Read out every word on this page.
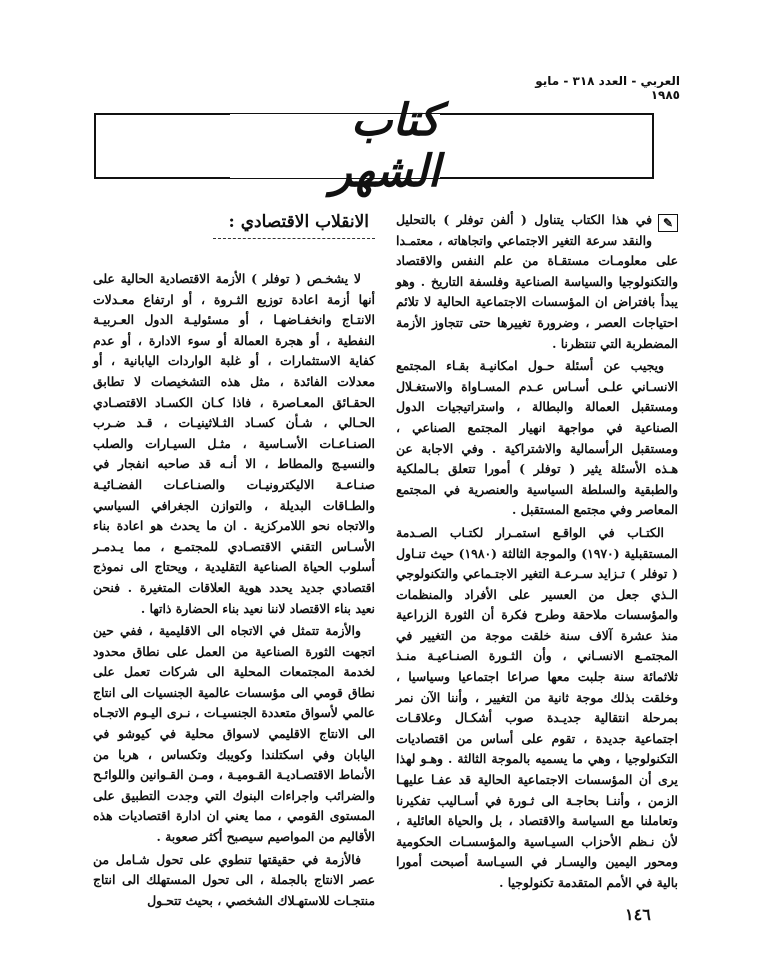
العربي - العدد ٣١٨ - مايو ١٩٨٥
كتاب الشهر

✎
في هذا الكتاب يتناول ( ألفن توفلر ) بالتحليل والنقد سرعة التغير الاجتماعي واتجاهاته ، معتمـدا على معلومـات مستقـاة من علم النفس والاقتصاد والتكنولوجيا والسياسة الصناعية وفلسفة التاريخ . وهو يبدأ بافتراض ان المؤسسات الاجتماعية الحالية لا تلائم احتياجات العصر ، وضرورة تغييرها حتى تتجاوز الأزمة المضطربة التي تنتظرنا .

ويجيب عن أسئلة حـول امكانيـة بقـاء المجتمع الانسـاني علـى أسـاس عـدم المسـاواة والاستغـلال ومستقبل العمالة والبطالة ، واستراتيجيات الدول الصناعية في مواجهة انهيار المجتمع الصناعي ، ومستقبل الرأسمالية والاشتراكية . وفي الاجابة عن هـذه الأسئلة يثير ( توفلر ) أمورا تتعلق بـالملكية والطبقية والسلطة السياسية والعنصرية في المجتمع المعاصر وفي مجتمع المستقبل .

الكتـاب في الواقـع استمـرار لكتـاب الصـدمة المستقبلية (١٩٧٠) والموجة الثالثة (١٩٨٠) حيث تنـاول ( توفلر ) تـزايد سـرعـة التغير الاجتـماعي والتكنولوجي الـذي جعل من العسير على الأفراد والمنظمات والمؤسسات ملاحقة وطرح فكرة أن الثورة الزراعية منذ عشرة آلاف سنة خلقت موجة من التغيير في المجتمـع الانسـاني ، وأن الثـورة الصنـاعيـة منـذ ثلاثمائة سنة جلبت معها صراعا اجتماعيا وسياسيا ، وخلقت بذلك موجة ثانية من التغيير ، وأننا الآن نمر بمرحلة انتقالية جديـدة صوب أشكـال وعلاقـات اجتماعية جديدة ، تقوم على أساس من اقتصاديات التكنولوجيا ، وهي ما يسميه بالموجة الثالثة . وهـو لهذا يرى أن المؤسسات الاجتماعية الحالية قد عفـا عليهـا الزمن ، وأننـا بحاجـة الى ثـورة في أسـاليب تفكيرنا وتعاملنا مع السياسة والاقتصاد ، بل والحياة العائلية ، لأن نـظم الأحزاب السيـاسية والمؤسسـات الحكومية ومحور اليمين واليسـار في السيـاسة أصبحت أمورا بالية في الأمم المتقدمة تكنولوجيا .

الانقلاب الاقتصادي :

لا يشخـص ( توفلر ) الأزمة الاقتصادية الحالية على أنها أزمة اعادة توزيع الثـروة ، أو ارتفاع معـدلات الانتـاج وانخفـاضهـا ، أو مسئوليـة الدول العـربيـة النفطية ، أو هجرة العمالة أو سوء الادارة ، أو عدم كفاية الاستثمارات ، أو غلبة الواردات اليابانية ، أو معدلات الفائدة ، مثل هذه التشخيصات لا تطابق الحقـائق المعـاصرة ، فاذا كـان الكسـاد الاقتصـادي الحـالي ، شـأن كسـاد الثـلاثينيـات ، قـد ضـرب الصنـاعـات الأسـاسية ، مثـل السيـارات والصلب والنسيـج والمطاط ، الا أنـه قد صاحبه انفجار في صنـاعـة الاليكترونيـات والصنـاعـات الفضـائيـة والطـاقات البديلة ، والتوازن الجغرافي السياسي والاتجاه نحو اللامركزية . ان ما يحدث هو اعادة بناء الأسـاس التقني الاقتصـادي للمجتمـع ، مما يـدمـر أسلوب الحياة الصناعية التقليدية ، ويحتاج الى نموذج اقتصادي جديد يحدد هوية العلاقات المتغيرة . فنحن نعيد بناء الاقتصاد لاننا نعيد بناء الحضارة ذاتها .

والأزمة تتمثل في الاتجاه الى الاقليمية ، ففي حين اتجهت الثورة الصناعية من العمل على نطاق محدود لخدمة المجتمعات المحلية الى شركات تعمل على نطاق قومي الى مؤسسات عالمية الجنسيات الى انتاج عالمي لأسواق متعددة الجنسيـات ، نـرى اليـوم الاتجـاه الى الانتاج الاقليمي لاسواق محلية في كيوشو في اليابان وفي اسكتلندا وكويبك وتكساس ، هربا من الأنماط الاقتصـاديـة القـوميـة ، ومـن القـوانين واللوائـح والضرائب واجراءات البنوك التي وجدت التطبيق على المستوى القومي ، مما يعني ان ادارة اقتصاديات هذه الأقاليم من المواصيم سيصبح أكثر صعوبة .

فالأزمة في حقيقتها تنطوي على تحول شـامل من عصر الانتاج بالجملة ، الى تحول المستهلك الى انتاج منتجـات للاستهـلاك الشخصي ، بحيث تتحـول

١٤٦
